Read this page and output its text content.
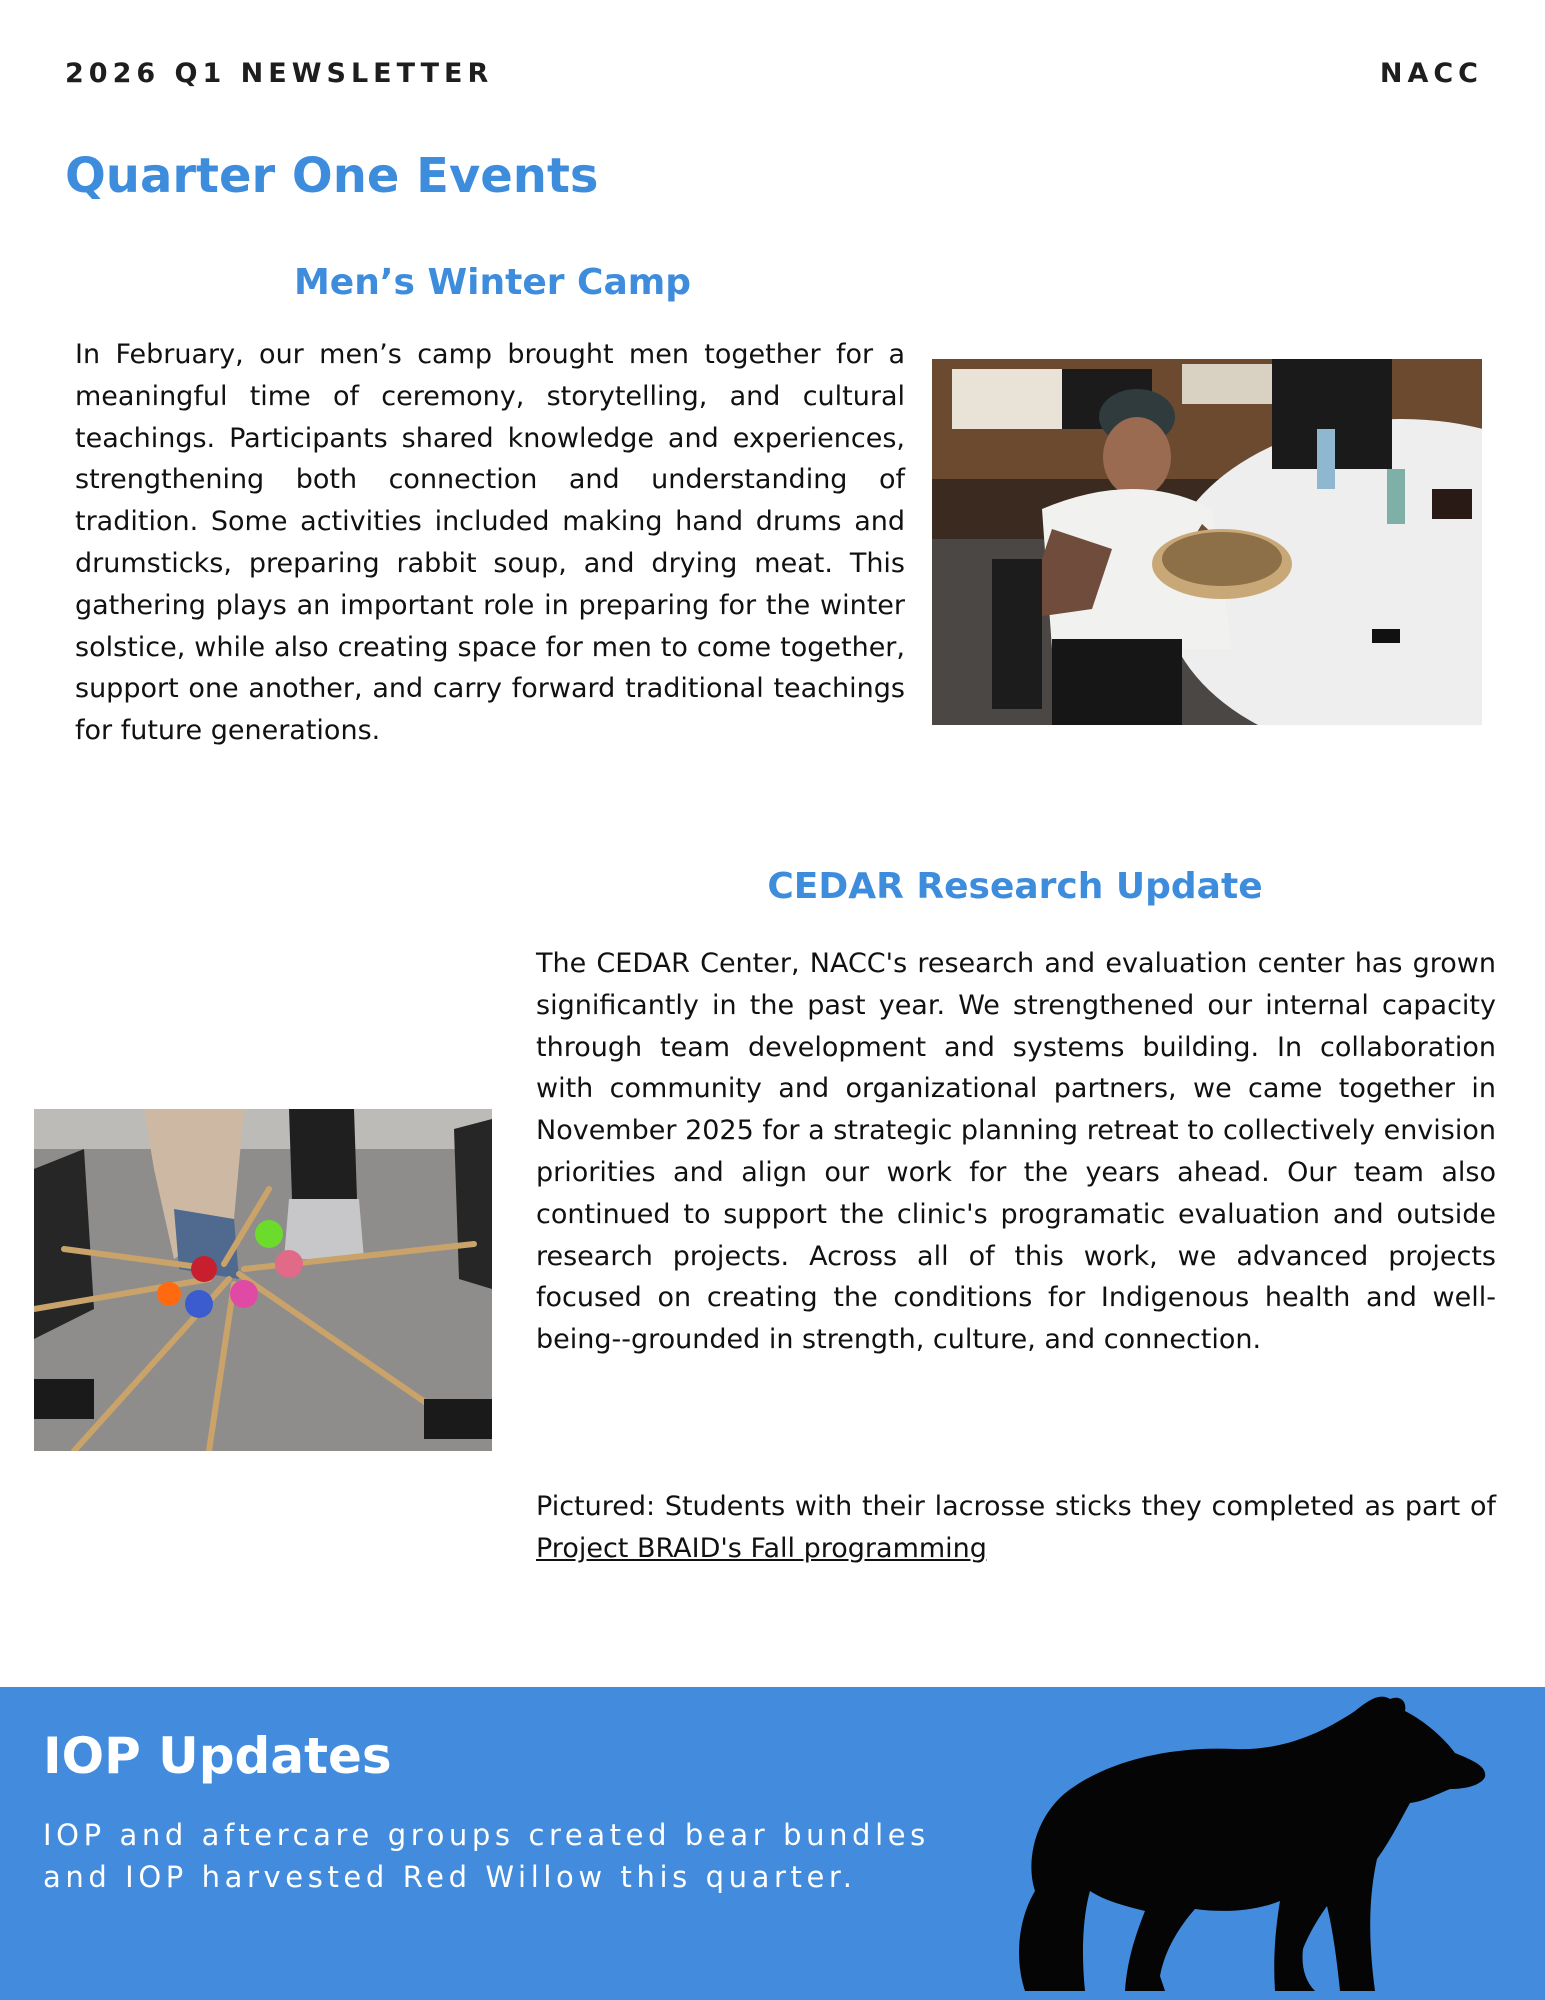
2026 Q1 NEWSLETTER	NACC
Quarter One Events
Men’s Winter Camp

In February, our men’s camp brought men together for a meaningful time of ceremony, storytelling, and cultural teachings. Participants shared knowledge and experiences, strengthening both connection and understanding of tradition. Some activities included making hand drums and drumsticks, preparing rabbit soup, and drying meat. This gathering plays an important role in preparing for the winter solstice, while also creating space for men to come together, support one another, and carry forward traditional teachings for future generations.

CEDAR Research Update

The CEDAR Center, NACC's research and evaluation center has grown significantly in the past year. We strengthened our internal capacity through team development and systems building. In collaboration with community and organizational partners, we came together in November 2025 for a strategic planning retreat to collectively envision priorities and align our work for the years ahead. Our team also continued to support the clinic's programatic evaluation and outside research projects. Across all of this work, we advanced projects focused on creating the conditions for Indigenous health and well-being--grounded in strength, culture, and connection.

Pictured: Students with their lacrosse sticks they completed as part of Project BRAID's Fall programming

IOP Updates

IOP and aftercare groups created bear bundles and IOP harvested Red Willow this quarter.
